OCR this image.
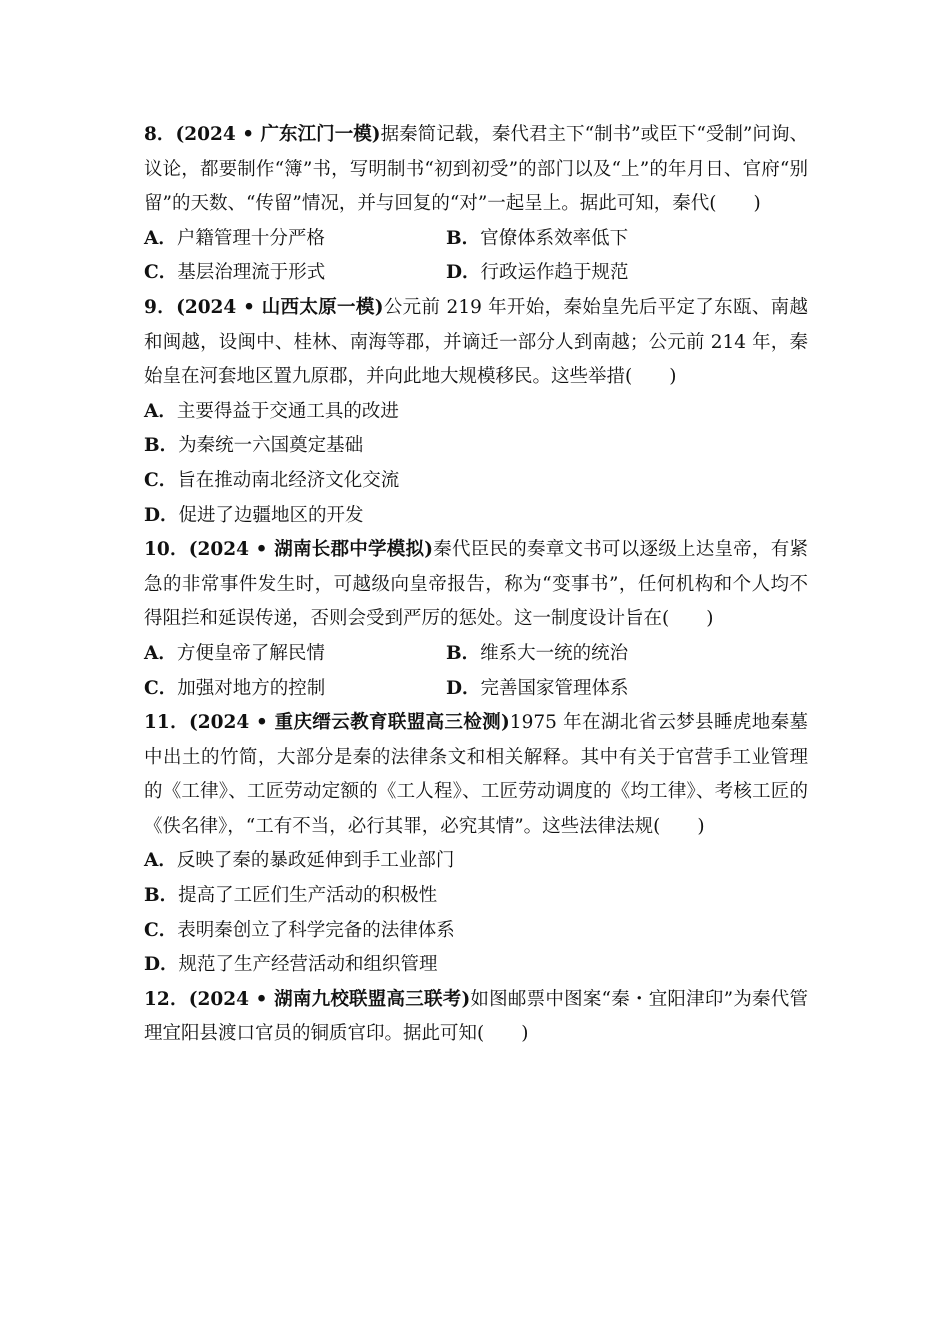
8．(2024 • 广东江门一模)据秦简记载，秦代君主下“制书”或臣下“受制”问询、议论，都要制作“簿”书，写明制书“初到初受”的部门以及“上”的年月日、官府“别留”的天数、“传留”情况，并与回复的“对”一起呈上。据此可知，秦代(　　)

A．户籍管理十分严格	B．官僚体系效率低下
C．基层治理流于形式	D．行政运作趋于规范

9．(2024 • 山西太原一模)公元前 219 年开始，秦始皇先后平定了东瓯、南越和闽越，设闽中、桂林、南海等郡，并谪迁一部分人到南越；公元前 214 年，秦始皇在河套地区置九原郡，并向此地大规模移民。这些举措(　　)

A．主要得益于交通工具的改进

B．为秦统一六国奠定基础

C．旨在推动南北经济文化交流

D．促进了边疆地区的开发

10．(2024 • 湖南长郡中学模拟)秦代臣民的奏章文书可以逐级上达皇帝，有紧急的非常事件发生时，可越级向皇帝报告，称为“变事书”，任何机构和个人均不得阻拦和延误传递，否则会受到严厉的惩处。这一制度设计旨在(　　)

A．方便皇帝了解民情	B．维系大一统的统治
C．加强对地方的控制	D．完善国家管理体系

11．(2024 • 重庆缙云教育联盟高三检测)1975 年在湖北省云梦县睡虎地秦墓中出土的竹简，大部分是秦的法律条文和相关解释。其中有关于官营手工业管理的《工律》、工匠劳动定额的《工人程》、工匠劳动调度的《均工律》、考核工匠的《佚名律》，“工有不当，必行其罪，必究其情”。这些法律法规(　　)

A．反映了秦的暴政延伸到手工业部门

B．提高了工匠们生产活动的积极性

C．表明秦创立了科学完备的法律体系

D．规范了生产经营活动和组织管理

12．(2024 • 湖南九校联盟高三联考)如图邮票中图案“秦・宜阳津印”为秦代管理宜阳县渡口官员的铜质官印。据此可知(　　)
